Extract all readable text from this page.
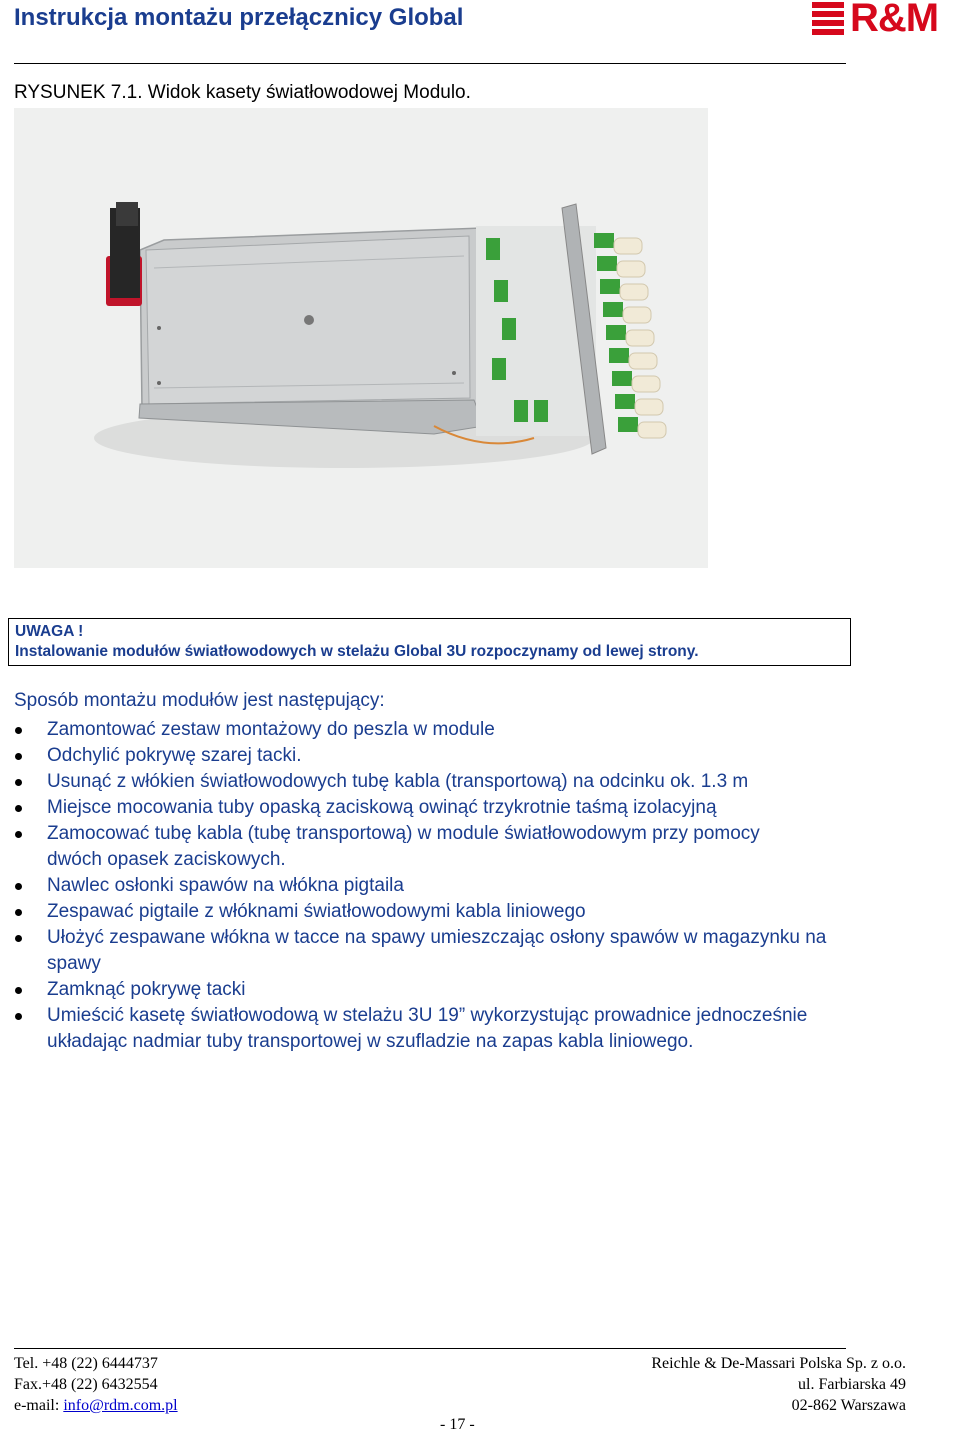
Instrukcja montażu przełącznicy Global	R&M
RYSUNEK 7.1. Widok kasety światłowodowej Modulo.
UWAGA !
Instalowanie modułów światłowodowych w stelażu Global 3U rozpoczynamy od lewej strony.
Sposób montażu modułów jest następujący:
Zamontować zestaw montażowy do peszla w module
Odchylić pokrywę szarej tacki.
Usunąć z włókien światłowodowych tubę kabla (transportową) na odcinku ok. 1.3 m
Miejsce mocowania tuby opaską zaciskową owinąć trzykrotnie taśmą izolacyjną
Zamocować tubę kabla (tubę transportową) w module światłowodowym przy pomocy dwóch opasek zaciskowych.
Nawlec osłonki spawów na włókna pigtaila
Zespawać pigtaile z włóknami światłowodowymi kabla liniowego
Ułożyć zespawane włókna w tacce na spawy umieszczając osłony spawów w magazynku na spawy
Zamknąć pokrywę tacki
Umieścić kasetę światłowodową w stelażu 3U 19” wykorzystując prowadnice jednocześnie układając nadmiar tuby transportowej w szufladzie na zapas kabla liniowego.
Tel. +48 (22) 6444737
Fax.+48 (22) 6432554
e-mail: info@rdm.com.pl
Reichle & De-Massari Polska Sp. z o.o.
ul. Farbiarska 49
02-862 Warszawa
- 17 -
